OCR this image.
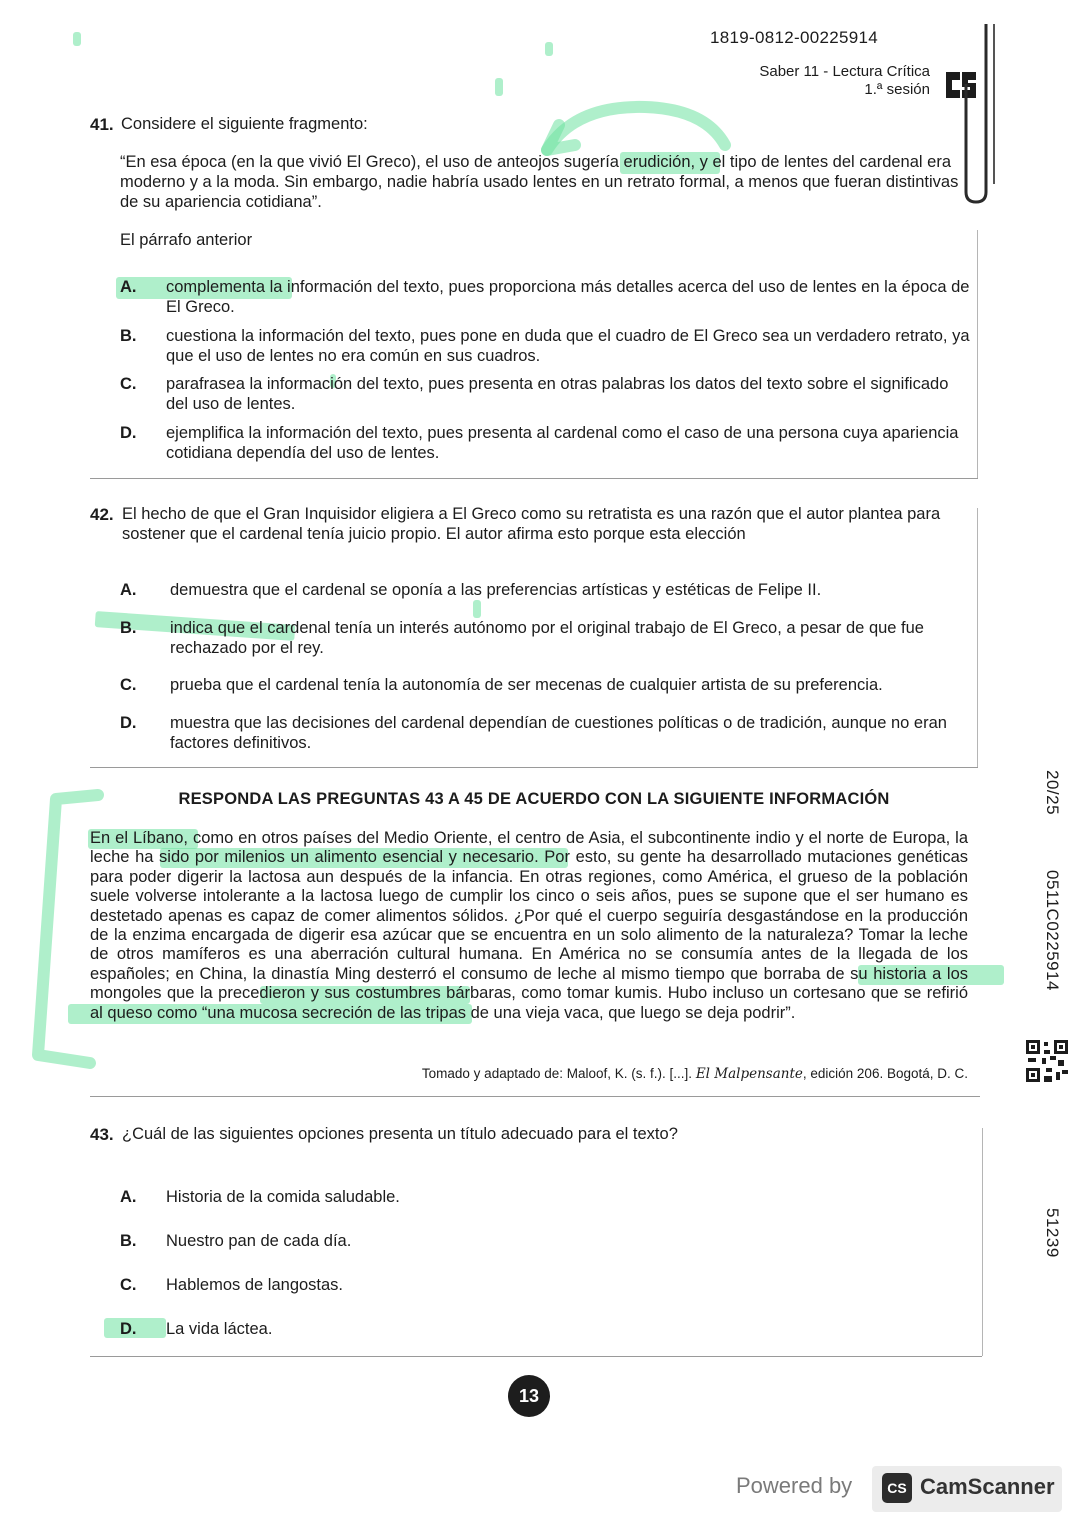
1819-0812-00225914
Saber 11 - Lectura Crítica
1.ª sesión
41. Considere el siguiente fragmento:
“En esa época (en la que vivió El Greco), el uso de anteojos sugería erudición, y el tipo de lentes del cardenal era moderno y a la moda. Sin embargo, nadie habría usado lentes en un retrato formal, a menos que fueran distintivas de su apariencia cotidiana”.
El párrafo anterior
A.	complementa la información del texto, pues proporciona más detalles acerca del uso de lentes en la época de El Greco.
B.	cuestiona la información del texto, pues pone en duda que el cuadro de El Greco sea un verdadero retrato, ya que el uso de lentes no era común en sus cuadros.
C.	parafrasea la información del texto, pues presenta en otras palabras los datos del texto sobre el significado del uso de lentes.
D.	ejemplifica la información del texto, pues presenta al cardenal como el caso de una persona cuya apariencia cotidiana dependía del uso de lentes.
42. El hecho de que el Gran Inquisidor eligiera a El Greco como su retratista es una razón que el autor plantea para sostener que el cardenal tenía juicio propio. El autor afirma esto porque esta elección
A.	demuestra que el cardenal se oponía a las preferencias artísticas y estéticas de Felipe II.
B.	indica que el cardenal tenía un interés autónomo por el original trabajo de El Greco, a pesar de que fue rechazado por el rey.
C.	prueba que el cardenal tenía la autonomía de ser mecenas de cualquier artista de su preferencia.
D.	muestra que las decisiones del cardenal dependían de cuestiones políticas o de tradición, aunque no eran factores definitivos.
RESPONDA LAS PREGUNTAS 43 A 45 DE ACUERDO CON LA SIGUIENTE INFORMACIÓN
En el Líbano, como en otros países del Medio Oriente, el centro de Asia, el subcontinente indio y el norte de Europa, la leche ha sido por milenios un alimento esencial y necesario. Por esto, su gente ha desarrollado mutaciones genéticas para poder digerir la lactosa aun después de la infancia. En otras regiones, como América, el grueso de la población suele volverse intolerante a la lactosa luego de cumplir los cinco o seis años, pues se supone que el ser humano es destetado apenas es capaz de comer alimentos sólidos. ¿Por qué el cuerpo seguiría desgastándose en la producción de la enzima encargada de digerir esa azúcar que se encuentra en un solo alimento de la naturaleza? Tomar la leche de otros mamíferos es una aberración cultural humana. En América no se consumía antes de la llegada de los españoles; en China, la dinastía Ming desterró el consumo de leche al mismo tiempo que borraba de su historia a los mongoles que la precedieron y sus costumbres bárbaras, como tomar kumis. Hubo incluso un cortesano que se refirió al queso como “una mucosa secreción de las tripas de una vieja vaca, que luego se deja podrir”.
Tomado y adaptado de: Maloof, K. (s. f.). [...]. El Malpensante, edición 206. Bogotá, D. C.
43. ¿Cuál de las siguientes opciones presenta un título adecuado para el texto?
A.	Historia de la comida saludable.
B.	Nuestro pan de cada día.
C.	Hablemos de langostas.
D.	La vida láctea.
20/25
0511C0225914
51239
13
Powered by	CS CamScanner
